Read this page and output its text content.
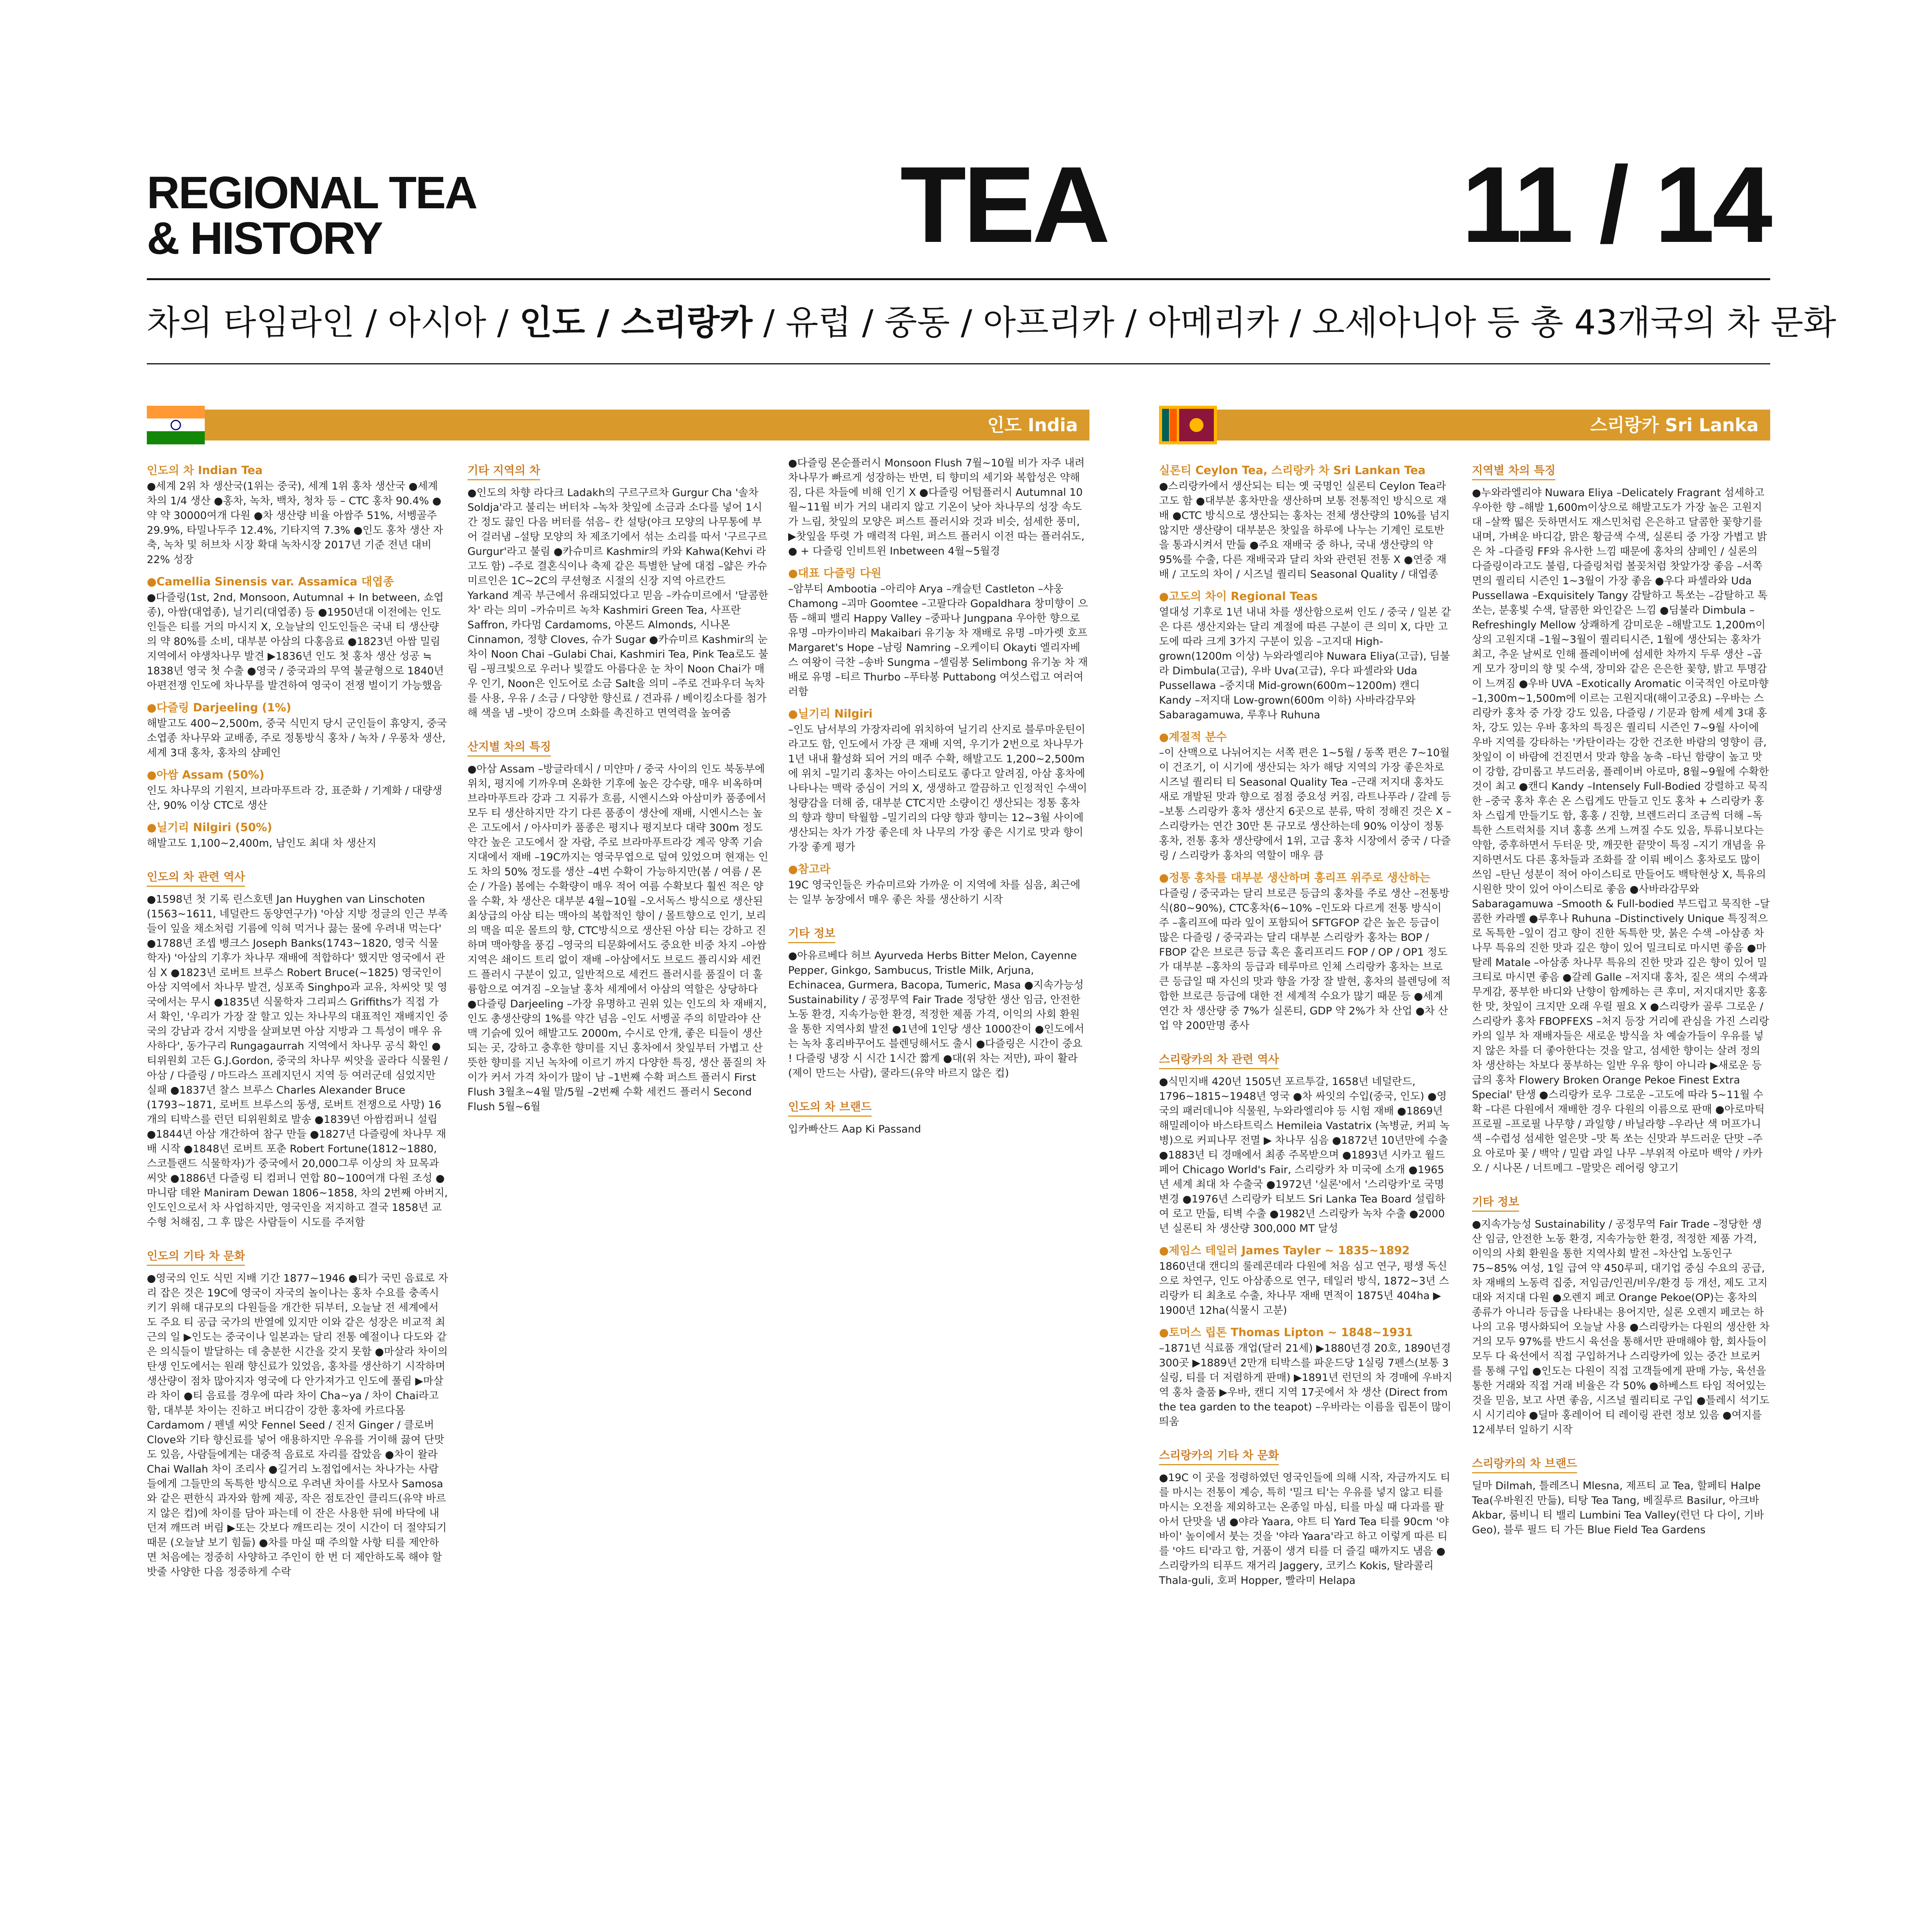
REGIONAL TEA
& HISTORY	TEA	11 / 14
차의 타임라인 / 아시아 / 인도 / 스리랑카 / 유럽 / 중동 / 아프리카 / 아메리카 / 오세아니아 등 총 43개국의 차 문화
인도 India	스리랑카 Sri Lanka
인도의 차 Indian Tea

●세계 2위 차 생산국(1위는 중국), 세계 1위 홍차 생산국 ●세계 차의 1/4 생산 ●홍차, 녹차, 백차, 청차 등 – CTC 홍차 90.4% ●약 약 30000여개 다원 ●차 생산량 비율 아쌈주 51%, 서벵골주 29.9%, 타밀나두주 12.4%, 기타지역 7.3% ●인도 홍차 생산 자축, 녹차 및 허브차 시장 확대 녹차시장 2017년 기준 전년 대비 22% 성장

●Camellia Sinensis var. Assamica 대엽종

●다즐링(1st, 2nd, Monsoon, Autumnal + In between, 쇼엽종), 아쌈(대엽종), 닐기리(대엽종) 등 ●1950년대 이전에는 인도인들은 티를 거의 마시지 X, 오늘날의 인도인들은 국내 티 생산량의 약 80%를 소비, 대부분 아삼의 다홍음료 ●1823년 아쌈 밀림지역에서 야생차나무 발견 ▶1836년 인도 첫 홍차 생산 성공 ≒ 1838년 영국 첫 수출 ●영국 / 중국과의 무역 불균형으로 1840년 아편전쟁 인도에 차나무를 발견하여 영국이 전쟁 벌이기 가능했음

●다즐링 Darjeeling (1%)

해발고도 400~2,500m, 중국 식민지 당시 군인들이 휴양지, 중국소엽종 차나무와 교배종, 주로 정통방식 홍차 / 녹차 / 우롱차 생산, 세계 3대 홍차, 홍차의 샴페인

●아쌈 Assam (50%)

인도 차나무의 기원지, 브라마푸트라 강, 표준화 / 기계화 / 대량생산, 90% 이상 CTC로 생산

●닐기리 Nilgiri (50%)

해발고도 1,100~2,400m, 남인도 최대 차 생산지

인도의 차 관련 역사

●1598년 첫 기록 린스호텐 Jan Huyghen van Linschoten (1563~1611, 네덜란드 동양연구가) '아삼 지방 정글의 인근 부족들이 잎을 채소처럼 기름에 익혀 먹거나 끓는 물에 우려내 먹는다' ●1788년 조셉 뱅크스 Joseph Banks(1743~1820, 영국 식물학자) '아삼의 기후가 차나무 재배에 적합하다' 했지만 영국에서 관심 X ●1823년 로버트 브루스 Robert Bruce(~1825) 영국인이 아삼 지역에서 차나무 발견, 싱포족 Singhpo과 교유, 차씨앗 및 영국에서는 무시 ●1835년 식물학자 그리피스 Griffiths가 직접 가서 확인, '우리가 가장 잘 할고 있는 차나무의 대표적인 재배지인 중국의 강남과 강서 지방을 살펴보면 아삼 지방과 그 특성이 매우 유사하다', 동가구리 Rungagaurrah 지역에서 차나무 공식 확인 ●티위원회 고든 G.J.Gordon, 중국의 차나무 씨앗을 골라다 식물원 / 아삼 / 다즐링 / 마드라스 프레지던시 지역 등 여러군데 심었지만 실패 ●1837년 찰스 브루스 Charles Alexander Bruce (1793~1871, 로버트 브루스의 동생, 로버트 전쟁으로 사망) 16개의 티박스를 런던 티위원회로 발송 ●1839년 아쌈컴퍼니 설립 ●1844년 아삼 개간하여 참구 만들 ●1827년 다즐링에 차나무 재배 시작 ●1848년 로버트 포춘 Robert Fortune(1812~1880, 스코틀랜드 식물학자)가 중국에서 20,000그루 이상의 차 묘목과 씨앗 ●1886년 다즐링 티 컴퍼니 연합 80~100여개 다원 조성 ●마니람 데완 Maniram Dewan 1806~1858, 차의 2번째 아버지, 인도인으로서 차 사업하지만, 영국인을 저지하고 결국 1858년 교수형 처해짐, 그 후 많은 사람들이 시도를 주저함

인도의 기타 차 문화

●영국의 인도 식민 지배 기간 1877~1946 ●티가 국민 음료로 자리 잡은 것은 19C에 영국이 자국의 놀이나는 홍차 수요를 충족시키기 위해 대규모의 다원들을 개간한 뒤부터, 오늘날 전 세계에서도 주요 티 공급 국가의 반열에 있지만 이와 같은 성장은 비교적 최근의 일 ▶인도는 중국이나 일본과는 달리 전통 예절이나 다도와 같은 의식들이 발달하는 데 충분한 시간을 갖지 못함 ●마살라 차이의 탄생 인도에서는 원래 향신료가 있었음, 홍차를 생산하기 시작하며 생산량이 점차 많아지자 영국에 다 안가져가고 인도에 풀림 ▶마살라 차이 ●티 음료를 경우에 따라 차이 Cha~ya / 차이 Chai라고 함, 대부분 차이는 진하고 버디감이 강한 홍차에 카르다몸 Cardamom / 펜넬 씨앗 Fennel Seed / 진저 Ginger / 클로버 Clove와 기타 향신료를 넣어 애용하지만 우유를 거이해 끓여 단맛도 있음, 사람들에게는 대중적 음료로 자리를 잡았음 ●차이 왈라 Chai Wallah 차이 조리사 ●길거리 노점업에서는 차나가는 사람들에게 그들만의 독특한 방식으로 우려낸 차이를 사모사 Samosa와 같은 편한식 과자와 함께 제공, 작은 점토잔인 클리드(유약 바르지 않은 컵)에 차이를 담아 파는데 이 잔은 사용한 뒤에 바닥에 내던져 깨뜨려 버림 ▶또는 갓보다 깨뜨리는 것이 시간이 더 절약되기 때문 (오늘날 보기 힘듦) ●차를 마실 때 주의할 사항 티를 제안하면 처음에는 정중히 사양하고 주인이 한 번 더 제안하도록 해야 할 밧줄 사양한 다음 정중하게 수락

기타 지역의 차

●인도의 차향 라다크 Ladakh의 구르구르차 Gurgur Cha '솔차 Soldja'라고 불리는 버터차 –녹차 찻잎에 소금과 소다를 넣어 1시간 정도 끓인 다음 버터를 섞음– 칸 설탕(야크 모양의 나무통에 부어 걸러냄 –설탕 모양의 차 제조기에서 섞는 소리를 따서 '구르구르 Gurgur'라고 불림 ●카슈미르 Kashmir의 카와 Kahwa(Kehvi 라고도 함) –주로 결혼식이나 축제 같은 특별한 날에 대접 –얇은 카슈미르인은 1C~2C의 쿠션형조 시절의 신장 지역 아르칸드 Yarkand 계곡 부근에서 유래되었다고 믿음 –카슈미르에서 '달콤한 차' 라는 의미 –카슈미르 녹차 Kashmiri Green Tea, 사프란 Saffron, 카다멈 Cardamoms, 아몬드 Almonds, 시나몬 Cinnamon, 정향 Cloves, 슈가 Sugar ●카슈미르 Kashmir의 눈 차이 Noon Chai –Gulabi Chai, Kashmiri Tea, Pink Tea로도 불림 –핑크빛으로 우러나 빛깔도 아름다운 눈 차이 Noon Chai가 매우 인기, Noon은 인도어로 소금 Salt을 의미 –주로 건파우더 녹차를 사용, 우유 / 소금 / 다양한 향신료 / 견과류 / 베이킹소다를 첨가해 색을 냄 –밧이 강으며 소화를 촉진하고 면역력을 높여줌

산지별 차의 특징

●아삼 Assam –방글라데시 / 미얀마 / 중국 사이의 인도 북동부에 위치, 평지에 기까우며 온화한 기후에 높은 강수량, 매우 비옥하며 브라마푸트라 강과 그 지류가 흐름, 시엔시스와 아삼미카 품종에서 모두 티 생산하지만 각기 다른 품종이 생산에 재배, 시엔시스는 높은 고도에서 / 아사미카 품종은 평지나 평지보다 대략 300m 정도 약간 높은 고도에서 잘 자람, 주로 브라마푸트라강 계곡 양쪽 기슭지대에서 재배 –19C까지는 영국무엽으로 덮여 있었으며 현재는 인도 차의 50% 정도를 생산 –4번 수확이 가능하지만(봄 / 여름 / 몬순 / 가을) 봄에는 수확량이 매우 적어 여름 수확보다 훨씬 적은 양을 수확, 차 생산은 대부분 4월~10월 –오서독스 방식으로 생산된 최상급의 아삼 티는 맥아의 복합적인 향이 / 몰트향으로 인기, 보리의 맥을 띠운 몰트의 향, CTC방식으로 생산된 아삼 티는 강하고 진하며 맥아향을 풍김 –영국의 티문화에서도 중요한 비중 차지 –아쌈 지역은 쇄이드 트리 없이 재배 –아삼에서도 브로드 플리시와 세컨드 플러시 구분이 있고, 일반적으로 세컨드 플러시를 품질이 더 훌륭함으로 여겨짐 –오늘날 홍차 세계에서 아삼의 역할은 상당하다 ●다즐링 Darjeeling –가장 유명하고 권위 있는 인도의 차 재배지, 인도 총생산량의 1%를 약간 넘음 –인도 서벵골 주의 히말라야 산맥 기슭에 있어 해발고도 2000m, 수시로 안개, 좋은 티들이 생산되는 곳, 강하고 충후한 향미를 지닌 홍차에서 찻잎부터 가볍고 산뜻한 향미를 지닌 녹차에 이르기 까지 다양한 특징, 생산 품질의 차이가 커서 가격 차이가 많이 남 –1번째 수확 퍼스트 플러시 First Flush 3월초~4월 말/5월 –2번째 수확 세컨드 플러시 Second Flush 5월~6월

●다즐링 몬순플러시 Monsoon Flush 7월~10월 비가 자주 내려 차나무가 빠르게 성장하는 반면, 티 향미의 세기와 복합성은 약해짐, 다른 차들에 비해 인기 X ●다즐링 어텀플러시 Autumnal 10월~11월 비가 거의 내리지 않고 기온이 낮아 차나무의 성장 속도가 느림, 찻잎의 모양은 퍼스트 플러시와 것과 비슷, 섬세한 풍미, ▶찻잎을 뚜렷 가 매력적 다원, 퍼스트 플러시 이전 따는 플러쉬도, ● + 다즐링 인비트윈 Inbetween 4월~5월경

●대표 다즐링 다원

–암부티 Ambootia –아리야 Arya –캐슬턴 Castleton –샤웅 Chamong –괴마 Goomtee –고팔다라 Gopaldhara 창미향이 으뜸 –해피 밸리 Happy Valley –중파나 Jungpana 우아한 향으로 유명 –마카이바리 Makaibari 유기농 차 재배로 유명 –마가렛 호프 Margaret's Hope –남링 Namring –오케이티 Okayti 엘리자베스 여왕이 극찬 –송바 Sungma –셀림봉 Selimbong 유기농 차 재배로 유명 –티르 Thurbo –푸타봉 Puttabong 여섯스럽고 여러여러함

●닐기리 Nilgiri

–인도 남서부의 가장자리에 위치하여 닐기리 산지로 블루마운틴이라고도 함, 인도에서 가장 큰 재배 지역, 우기가 2번으로 차나무가 1년 내내 활성화 되어 거의 매주 수확, 해발고도 1,200~2,500m에 위치 –밀기리 홍차는 아이스티로도 좋다고 알려짐, 아삼 홍차에 나타나는 맥락 중심이 거의 X, 생생하고 깔끔하고 인정적인 수색이 청량감을 더해 줌, 대부분 CTC지만 소량이긴 생산되는 정통 홍차의 향과 향미 탁월함 –밀기리의 다양 향과 향미는 12~3월 사이에 생산되는 차가 가장 좋은데 차 나무의 가장 좋은 시기로 맛과 향이 가장 좋게 평가

●참고라

19C 영국인들은 카슈미르와 가까운 이 지역에 차를 심음, 최근에는 일부 농장에서 매우 좋은 차를 생산하기 시작

기타 정보

●아유르베다 허브 Ayurveda Herbs Bitter Melon, Cayenne Pepper, Ginkgo, Sambucus, Tristle Milk, Arjuna, Echinacea, Gurmera, Bacopa, Tumeric, Masa ●지속가능성 Sustainability / 공정무역 Fair Trade 정당한 생산 임금, 안전한 노동 환경, 지속가능한 환경, 적정한 제품 가격, 이익의 사회 환원을 통한 지역사회 발전 ●1년에 1인당 생산 1000잔이 ●인도에서는 녹차 홍리바꾸어도 블렌딩해서도 출시 ●다즐링은 시간이 중요 ! 다즐링 냉장 시 시간 1시간 짧게 ●대(위 차는 저만), 파이 활라(제이 만드는 사람), 쿨라드(유약 바르지 않은 컵)

인도의 차 브랜드

입카빠산드 Aap Ki Passand

실론티 Ceylon Tea, 스리랑카 차 Sri Lankan Tea

●스리랑카에서 생산되는 티는 옛 국명인 실론티 Ceylon Tea라고도 함 ●대부분 홍차만을 생산하며 보통 전통적인 방식으로 재배 ●CTC 방식으로 생산되는 홍차는 전체 생산량의 10%를 넘지 않지만 생산량이 대부분은 찻잎을 하루에 나누는 기계인 로토반을 통과시켜서 만듦 ●주요 재배국 중 하나, 국내 생산량의 약 95%를 수출, 다른 재배국과 달리 차와 관련된 전통 X ●연중 재배 / 고도의 차이 / 시즈널 퀄리티 Seasonal Quality / 대엽종

●고도의 차이 Regional Teas

열대성 기후로 1년 내내 차를 생산함으로써 인도 / 중국 / 일본 같은 다른 생산지와는 달리 계절에 따른 구분이 큰 의미 X, 다만 고도에 따라 크게 3가지 구분이 있음 –고지대 High-grown(1200m 이상) 누와라엘리야 Nuwara Eliya(고급), 딤불라 Dimbula(고급), 우바 Uva(고급), 우다 파셀라와 Uda Pussellawa –중지대 Mid-grown(600m~1200m) 캔디 Kandy –저지대 Low-grown(600m 이하) 사바라감무와 Sabaragamuwa, 루후나 Ruhuna

●계절적 분수

–이 산맥으로 나뉘어지는 서쪽 편은 1~5월 / 동쪽 편은 7~10월이 건조기, 이 시기에 생산되는 차가 해당 지역의 가장 좋은차로 시즈널 퀄리티 티 Seasonal Quality Tea –근래 저지대 홍차도 새로 개발된 맛과 향으로 점점 중요성 커짐, 라트나푸라 / 갈레 등 –보통 스리랑카 홍차 생산지 6곳으로 분류, 딱히 정해진 것은 X –스리랑카는 연간 30만 톤 규모로 생산하는데 90% 이상이 정통 홍차, 전통 홍차 생산량에서 1위, 고급 홍차 시장에서 중국 / 다즐링 / 스리랑카 홍차의 역할이 매우 큼

●정통 홍차를 대부분 생산하며 홍리프 위주로 생산하는

다즐링 / 중국과는 달리 브로큰 등급의 홍차를 주로 생산 –전통방식(80~90%), CTC홍차(6~10% –인도와 다르게 전통 방식이 주 –홀리프에 따라 잎이 포함되어 SFTGFOP 같은 높은 등급이 많은 다즐링 / 중국과는 달리 대부분 스리랑카 홍차는 BOP / FBOP 같은 브로큰 등급 혹은 홀리프리드 FOP / OP / OP1 정도가 대부분 –홍차의 등급과 테루마르 인체 스리랑카 홍차는 브로큰 등급일 때 자신의 맛과 향을 가장 잘 발현, 홍차의 블렌딩에 적합한 브로큰 등급에 대한 전 세계적 수요가 많기 때문 등 ●세계 연간 차 생산량 중 7%가 실론티, GDP 약 2%가 차 산업 ●차 산업 약 200만명 종사

스리랑카의 차 관련 역사

●식민지배 420년 1505년 포르투갈, 1658년 네덜란드, 1796~1815~1948년 영국 ●차 싸잇의 수입(중국, 인도) ●영국의 패러데니야 식물원, 누와라엘리야 등 시험 재배 ●1869년 해밀레이아 바스타트릭스 Hemileia Vastatrix (녹병균, 커피 녹병)으로 커피나무 전멸 ▶ 차나무 심음 ●1872년 10년만에 수출 ●1883년 티 경매에서 최종 주목받으며 ●1893년 시카고 월드 페어 Chicago World's Fair, 스리랑카 차 미국에 소개 ●1965년 세계 최대 차 수출국 ●1972년 '실론'에서 '스리랑카'로 국명 변경 ●1976년 스리랑카 티보드 Sri Lanka Tea Board 설립하여 로고 만듦, 티벽 수출 ●1982년 스리랑카 녹차 수출 ●2000년 실론티 차 생산량 300,000 MT 달성

●제임스 테일러 James Tayler ~ 1835~1892

1860년대 캔디의 룰레콘데라 다원에 처음 심고 연구, 평생 독신으로 차연구, 인도 아삼종으로 연구, 테일러 방식, 1872~3년 스리랑카 티 최초로 수출, 차나무 재배 면적이 1875년 404ha ▶ 1900년 12ha(식물시 고분)

●토머스 립톤 Thomas Lipton ~ 1848~1931

–1871년 식료품 개업(달러 21세) ▶1880년경 20호, 1890년경 300곳 ▶1889년 2만개 티박스를 파운드당 1실링 7펜스(보통 3실링, 티를 더 저렴하게 판매) ▶1891년 런던의 차 경매에 우바지역 홍차 출품 ▶우바, 캔디 지역 17곳에서 차 생산 (Direct from the tea garden to the teapot) –우바라는 이름을 립톤이 많이 띄움

스리랑카의 기타 차 문화

●19C 이 곳을 정령하였던 영국인들에 의해 시작, 자금까지도 티를 마시는 전통이 계승, 특히 '밀크 티'는 우유를 넣지 않고 티를 마시는 오전을 제외하고는 온종일 마심, 티를 마실 때 다과를 팔아서 단맛을 냄 ●야라 Yaara, 야트 티 Yard Tea 티를 90cm '야 바이' 높이에서 붓는 것을 '야라 Yaara'라고 하고 이렇게 따른 티를 '야드 티'라고 함, 거품이 생겨 티를 더 즐길 때까지도 냄음 ●스리랑카의 티푸드 재거리 Jaggery, 코키스 Kokis, 탈라콜리 Thala-guli, 호퍼 Hopper, 빨라미 Helapa

지역별 차의 특징

●누와라엘리야 Nuwara Eliya –Delicately Fragrant 섬세하고 우아한 향 –해발 1,600m이상으로 해발고도가 가장 높은 고원지대 –살짝 떫은 듯하면서도 재스민처럼 은은하고 달콤한 꽃향기를 내며, 가벼운 바디감, 맑은 황금색 수색, 실론티 중 가장 가볍고 밝은 차 –다즐링 FF와 유사한 느낌 때문에 홍차의 샴페인 / 실론의 다즐링이라고도 불림, 다즐링처럼 볼꽂처럼 찻앞가장 좋음 –서쪽면의 퀄리티 시즌인 1~3월이 가장 좋음 ●우다 파셀라와 Uda Pussellawa –Exquisitely Tangy 감탈하고 톡쏘는 –감탈하고 톡쏘는, 분홍빛 수색, 달콤한 와인같은 느낌 ●딤불라 Dimbula –Refreshingly Mellow 상쾌하게 감미로운 –해발고도 1,200m이상의 고원지대 –1월~3월이 퀄리티시즌, 1월에 생산되는 홍차가 최고, 추운 날씨로 인해 플레이버에 섬세한 차까지 두루 생산 –곱게 모가 장미의 향 및 수색, 장미와 같은 은은한 꽃향, 밝고 투명감이 느껴짐 ●우바 UVA –Exotically Aromatic 이국적인 아로마향 –1,300m~1,500m에 이르는 고원지대(해이고중요) –우바는 스리랑카 홍차 중 가장 강도 있음, 다즐링 / 기문과 함께 세계 3대 홍차, 강도 있는 우바 홍차의 특징은 퀄리티 시즌인 7~9월 사이에 우바 지역를 강타하는 '카탄이라는 강한 건조한 바람의 영향이 큼, 찻잎이 이 바람에 건진면서 맛과 향을 농축 –타닌 함량이 높고 맛이 강함, 감미롭고 부드러움, 플레이버 아로마, 8월~9월에 수확한 것이 최고 ●캔디 Kandy –Intensely Full-Bodied 강렬하고 묵직한 –중국 홍차 후손 온 스립게도 만들고 인도 홍차 + 스리랑카 홍차 스립게 만들기도 함, 홍홍 / 진향, 브렌드러디 조금씩 더해 –독특한 스트럭처를 지녀 홍흥 쓰게 느껴질 수도 있음, 투류니보다는 약함, 중후하면서 두터운 맛, 깨끗한 끝맛이 특징 –지기 개념을 유지하면서도 다른 홍차들과 조화를 잘 이뤄 베이스 홍차로도 많이 쓰임 –탄닌 성분이 적어 아이스티로 만들어도 백탁현상 X, 특유의 시원한 맛이 있어 아이스티로 좋음 ●사바라감무와 Sabaragamuwa –Smooth & Full-bodied 부드럽고 묵직한 –달콤한 카라멜 ●루후나 Ruhuna –Distinctively Unique 특징적으로 독특한 –잎이 검고 향이 진한 독특한 맛, 붉은 수색 –아삼종 차나무 특유의 진한 맛과 깊은 향이 있어 밀크티로 마시면 좋음 ●마탈레 Matale –아삼종 차나무 특유의 진한 맛과 깊은 향이 있어 밀크티로 마시면 좋음 ●갈레 Galle –저지대 홍차, 짙은 색의 수색과 무게감, 풍부한 바디와 난향이 함께하는 큰 후미, 저지대지만 홍홍한 맛, 찻잎이 크지만 오래 우릴 필요 X ●스리랑카 골루 그로운 / 스리랑카 홍차 FBOPFEXS –처지 등장 거리에 관심을 가진 스리랑카의 일부 차 재배자들은 새로운 방식을 차 예술가들이 우유를 넣지 않은 차를 더 좋아한다는 것을 알고, 섬세한 향이는 살려 정의 차 생산하는 차보다 풍부하는 일반 우유 향이 아니라 ▶새로운 등급의 홍차 Flowery Broken Orange Pekoe Finest Extra Special' 탄생 ●스리랑카 로우 그로운 –고도에 따라 5~11월 수확 –다른 다원에서 재배한 경우 다원의 이름으로 판매 ●아로마틱 프로필 –프로필 나무향 / 과일향 / 바닐라향 –우라난 색 머프가니색 –수렵성 섬세한 얼은맛 –맛 톡 쏘는 신맛과 부드러운 단맛 –주요 아로마 꽃 / 백악 / 밀랍 과일 나무 –부위적 아로마 백악 / 카카오 / 시나몬 / 너트메그 –말맞은 레어링 양고기

기타 정보

●지속가능성 Sustainability / 공정무역 Fair Trade –정당한 생산 임금, 안전한 노동 환경, 지속가능한 환경, 적정한 제품 가격, 이익의 사회 환원을 통한 지역사회 발전 –차산업 노동인구 75~85% 여성, 1일 급여 약 450루피, 대기업 중심 수요의 공급, 차 재배의 노동력 집중, 저임금/인권/비우/환경 등 개선, 제도 고지대와 저지대 다원 ●오렌지 페코 Orange Pekoe(OP)는 홍차의 종류가 아니라 등급을 나타내는 용어지만, 실론 오렌지 페코는 하나의 고유 명사화되어 오늘날 사용 ●스리랑카는 다원의 생산한 차 거의 모두 97%를 반드시 육선을 통해서만 판매해야 함, 회사들이 모두 다 육선에서 직접 구입하거나 스리랑카에 있는 중간 브로커를 통해 구입 ●인도는 다원이 직접 고객들에게 판매 가능, 육선을 통한 거래와 직접 거래 비율은 각 50% ●하베스트 타임 적어있는 것을 믿음, 보고 사면 좋음, 시즈널 퀄리티로 구입 ●틀레시 석기도시 시기리야 ●딜마 홍레이어 티 레이링 관련 정보 있음 ●여지를 12세부터 일하기 시작

스리랑카의 차 브랜드

딜마 Dilmah, 틀레즈니 Mlesna, 제프티 교 Tea, 할페티 Halpe Tea(우바원진 만듦), 티탕 Tea Tang, 베질루르 Basilur, 아크바 Akbar, 룸비니 티 밸리 Lumbini Tea Valley(런던 다 다이, 기바 Geo), 블루 필드 티 가든 Blue Field Tea Gardens
